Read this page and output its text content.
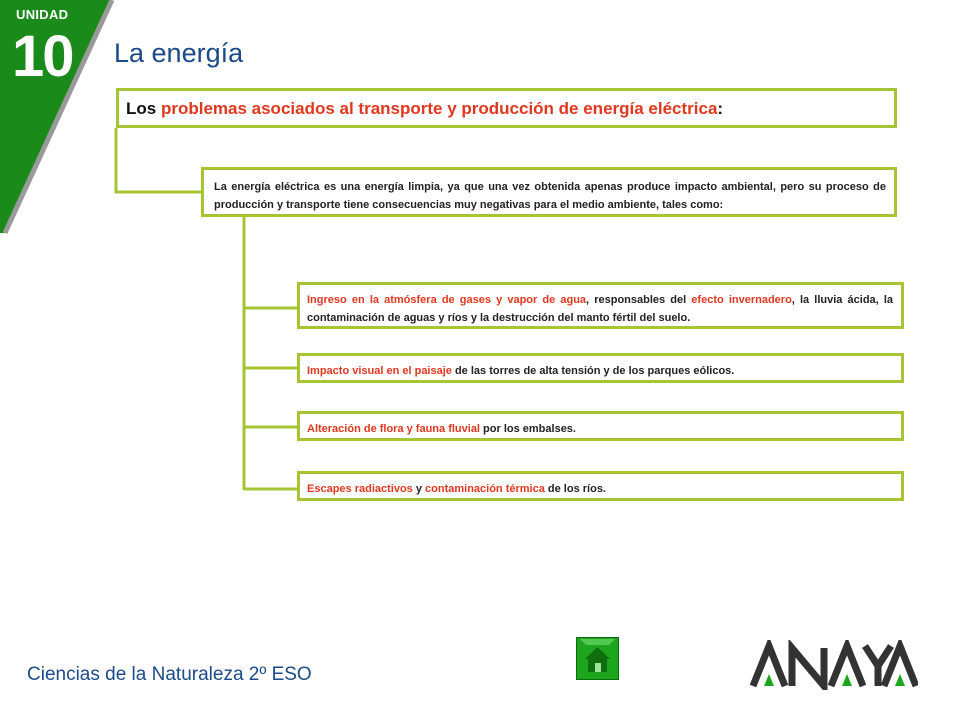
UNIDAD
10 La energía
Los problemas asociados al transporte y producción de energía eléctrica:
La energía eléctrica es una energía limpia, ya que una vez obtenida apenas produce impacto ambiental, pero su proceso de producción y transporte tiene consecuencias muy negativas para el medio ambiente, tales como:
Ingreso en la atmósfera de gases y vapor de agua, responsables del efecto invernadero, la lluvia ácida, la contaminación de aguas y ríos y la destrucción del manto fértil del suelo.
Impacto visual en el paisaje de las torres de alta tensión y de los parques eólicos.
Alteración de flora y fauna fluvial por los embalses.
Escapes radiactivos y contaminación térmica de los ríos.
Ciencias de la Naturaleza 2º ESO
